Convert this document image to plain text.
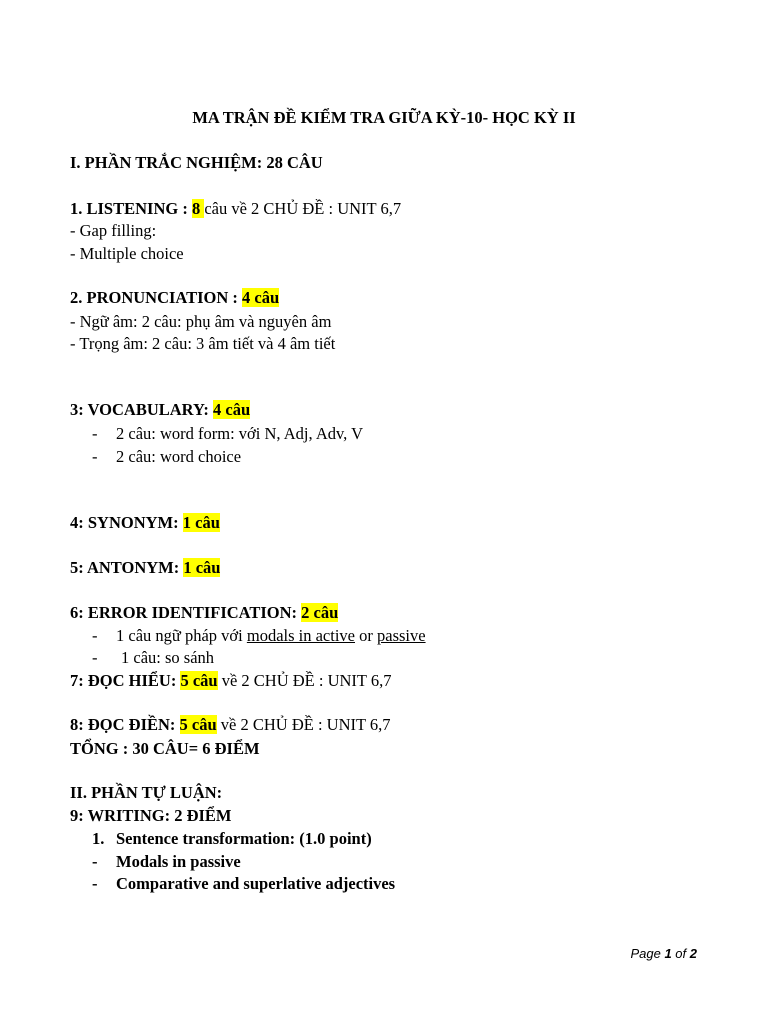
MA TRẬN ĐỀ KIỂM TRA GIỮA KỲ-10- HỌC KỲ II
I. PHẦN TRẮC NGHIỆM: 28 CÂU
1. LISTENING : 8 câu về 2 CHỦ ĐỀ : UNIT 6,7
- Gap filling:
- Multiple choice
2. PRONUNCIATION : 4 câu
- Ngữ âm: 2 câu: phụ âm và nguyên âm
- Trọng âm: 2 câu: 3 âm tiết và 4 âm tiết
3: VOCABULARY: 4 câu
- 2 câu: word form: với N, Adj, Adv, V
- 2 câu: word choice
4: SYNONYM: 1 câu
5: ANTONYM: 1 câu
6: ERROR IDENTIFICATION: 2 câu
- 1 câu ngữ pháp với modals in active or passive
- 1 câu: so sánh
7: ĐỌC HIỂU: 5 câu về 2 CHỦ ĐỀ : UNIT 6,7
8: ĐỌC ĐIỀN: 5 câu về 2 CHỦ ĐỀ : UNIT 6,7
TỔNG : 30 CÂU= 6 ĐIỂM
II. PHẦN TỰ LUẬN:
9: WRITING: 2 ĐIỂM
1. Sentence transformation: (1.0 point)
- Modals in passive
- Comparative and superlative adjectives
Page 1 of 2
